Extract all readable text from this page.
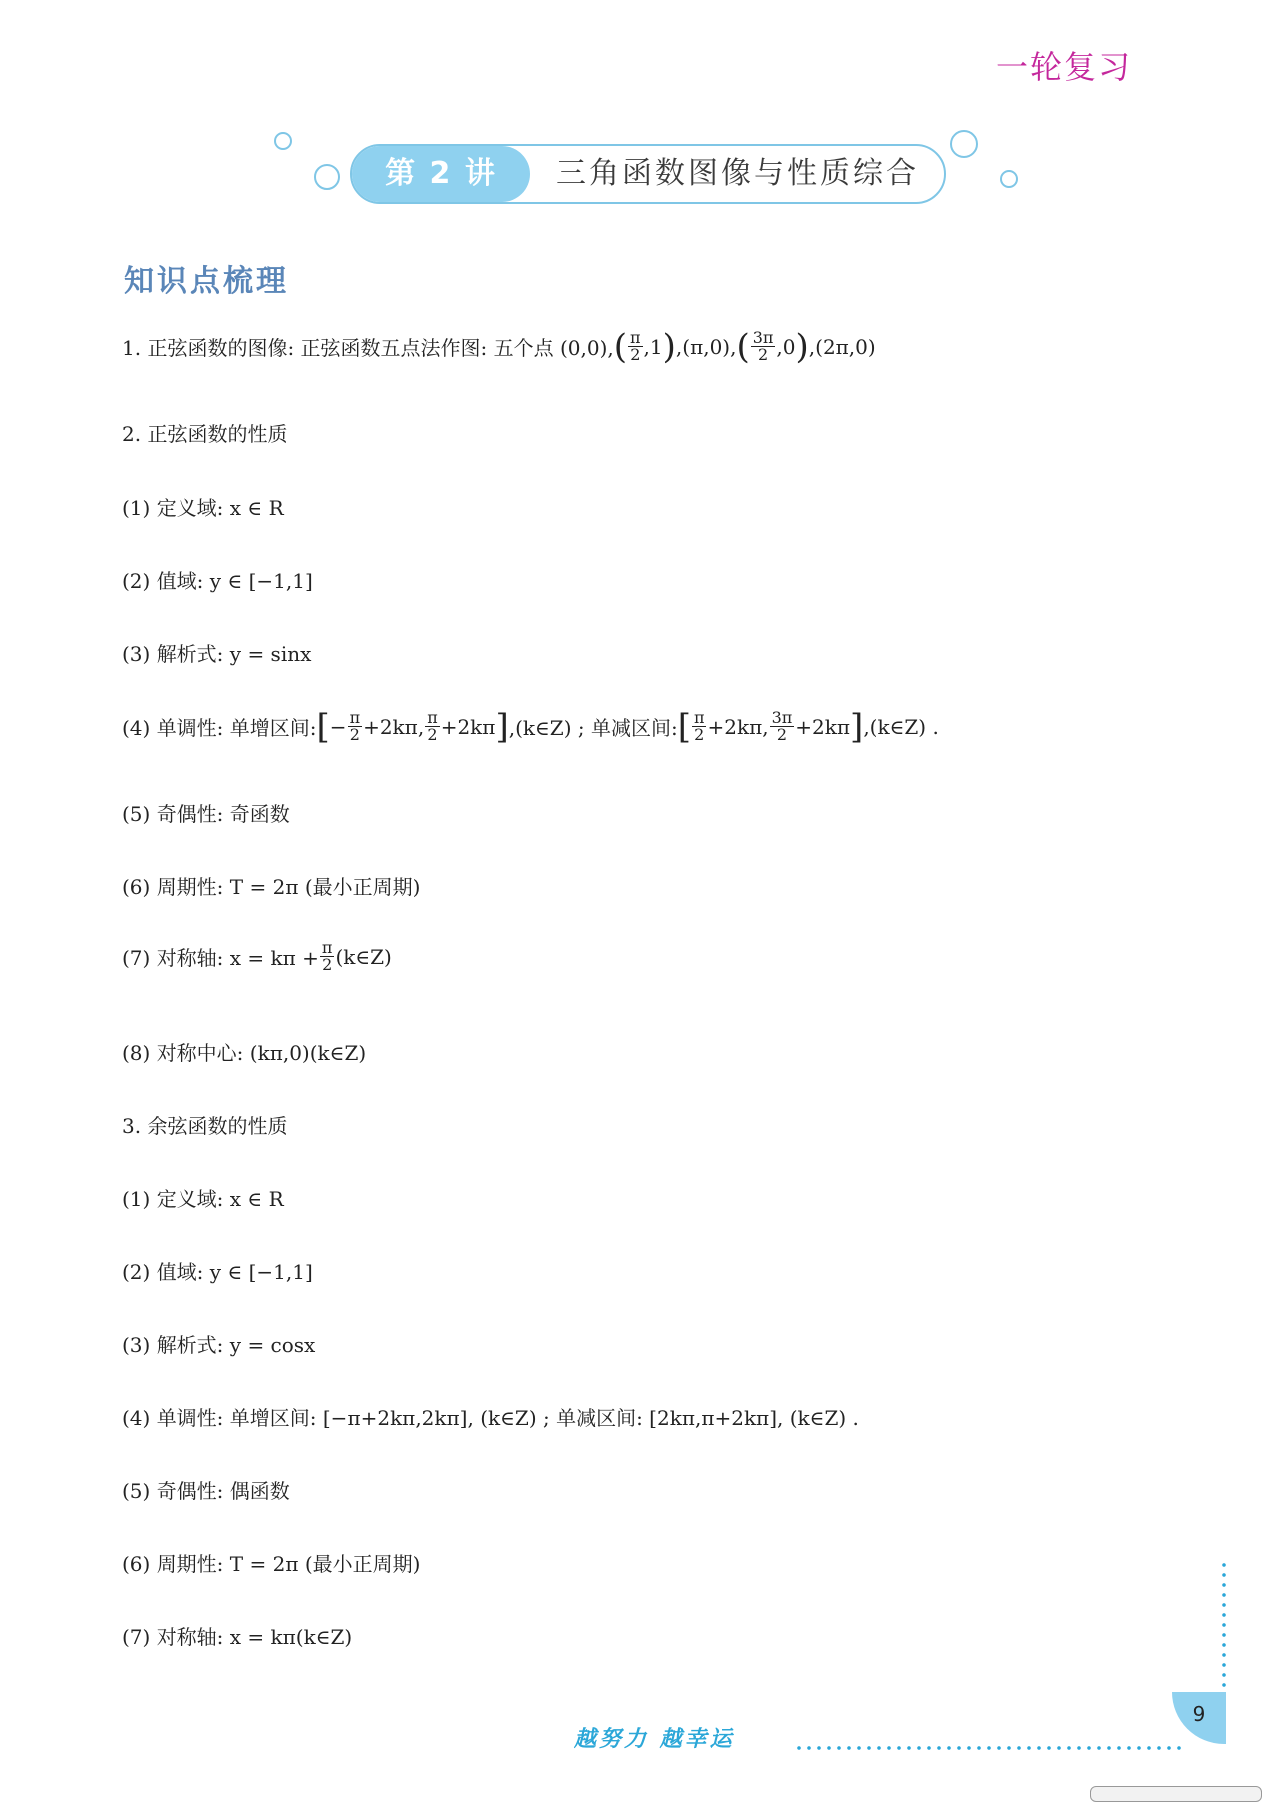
一轮复习
第 2 讲	三角函数图像与性质综合
知识点梳理
1. 正弦函数的图像: 正弦函数五点法作图: 五个点 (0,0), ( $\frac{\pi}{2} ,1$ ) ,(π,0), ( $\frac{3\pi}{2} ,0$ ) ,(2π,0)
2. 正弦函数的性质
(1) 定义域: x ∈ R
(2) 值域: y ∈ [−1,1]
(3) 解析式: y = sinx
(4) 单调性: 单增区间: [ − $\frac{\pi}{2} +2k\pi$, $\frac{\pi}{2} +2k\pi$ ] ,(k∈Z) ; 单减区间: [ $\frac{\pi}{2} +2k\pi$, $\frac{3\pi}{2} +2k\pi$ ] ,(k∈Z) .
(5) 奇偶性: 奇函数
(6) 周期性: T = 2π (最小正周期)
(7) 对称轴: $x = k\pi + \frac{\pi}{2}$ (k∈Z)
(8) 对称中心: (kπ,0)(k∈Z)
3. 余弦函数的性质
(1) 定义域: x ∈ R
(2) 值域: y ∈ [−1,1]
(3) 解析式: y = cosx
(4) 单调性: 单增区间: [−π+2kπ,2kπ], (k∈Z) ; 单减区间: [2kπ,π+2kπ], (k∈Z) .
(5) 奇偶性: 偶函数
(6) 周期性: T = 2π (最小正周期)
(7) 对称轴: x = kπ(k∈Z)
9
越努力 越幸运
